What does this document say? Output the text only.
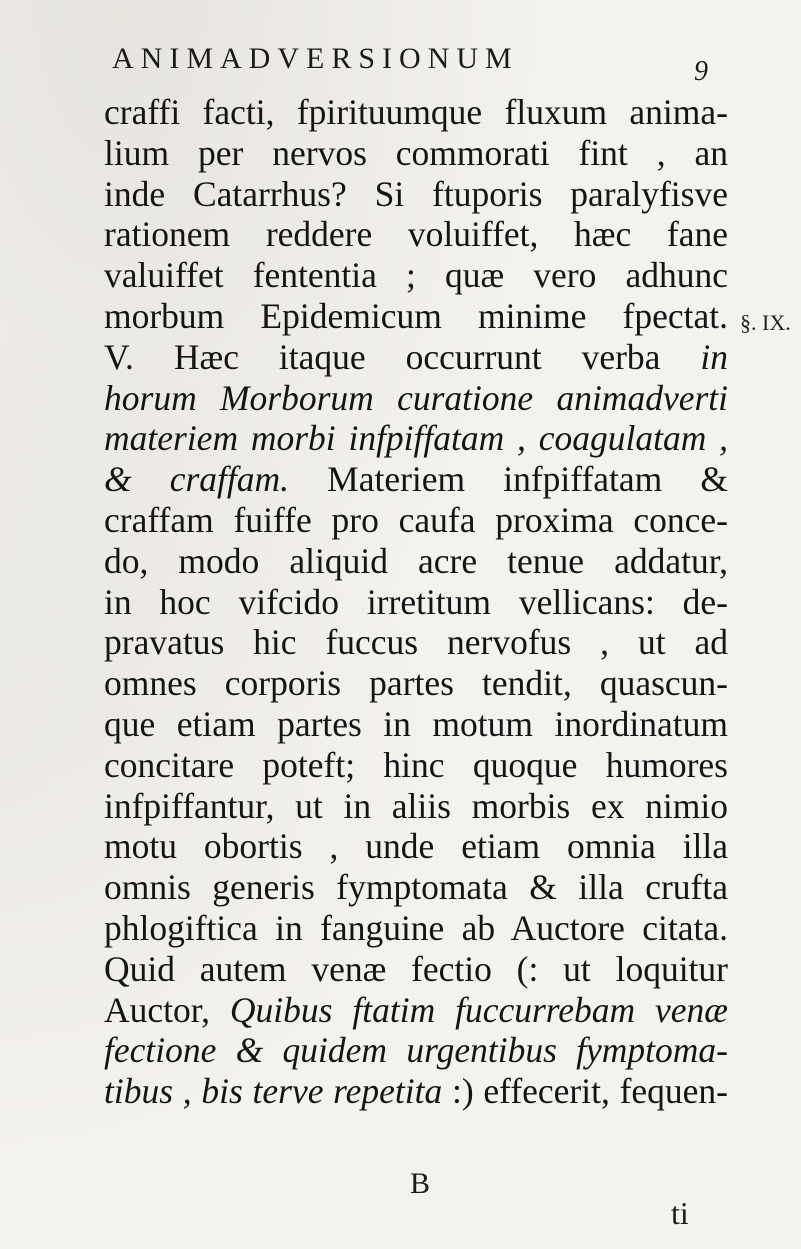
ANIMADVERSIONUM	9
craffi facti, fpirituumque fluxum anima-
lium per nervos commorati fint , an
inde Catarrhus? Si ftuporis paralyfisve
rationem reddere voluiffet, hæc fane
valuiffet fententia ; quæ vero adhunc
morbum Epidemicum minime fpectat.
V. Hæc itaque occurrunt verba in
horum Morborum curatione animadverti
materiem morbi infpiffatam , coagulatam ,
& craffam. Materiem infpiffatam &
craffam fuiffe pro caufa proxima conce-
do, modo aliquid acre tenue addatur,
in hoc vifcido irretitum vellicans: de-
pravatus hic fuccus nervofus , ut ad
omnes corporis partes tendit, quascun-
que etiam partes in motum inordinatum
concitare poteft; hinc quoque humores
infpiffantur, ut in aliis morbis ex nimio
motu obortis , unde etiam omnia illa
omnis generis fymptomata & illa crufta
phlogiftica in fanguine ab Auctore citata.
Quid autem venæ fectio (: ut loquitur
Auctor, Quibus ftatim fuccurrebam venæ
fectione & quidem urgentibus fymptoma-
tibus , bis terve repetita :) effecerit, fequen-
§. IX.
B
ti
